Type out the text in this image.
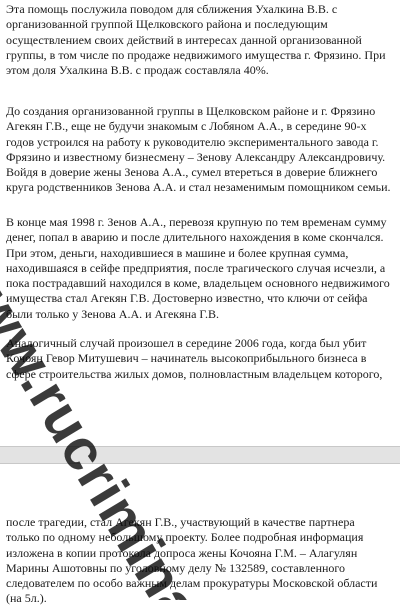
Эта помощь послужила поводом для сближения Ухалкина В.В. с
организованной группой Щелковского района и последующим
осуществлением своих действий в интересах данной организованной
группы, в том числе по продаже недвижимого имущества г. Фрязино. При
этом доля Ухалкина В.В. с продаж составляла 40%.

До создания организованной группы в Щелковском районе и г. Фрязино
Агекян Г.В., еще не будучи знакомым с Лобяном А.А., в середине 90-х
годов устроился на работу к руководителю экспериментального завода г.
Фрязино и известному бизнесмену – Зенову Александру Александровичу.
Войдя в доверие жены Зенова А.А., сумел втереться в доверие ближнего
круга родственников Зенова А.А. и стал незаменимым помощником семьи.

В конце мая 1998 г. Зенов А.А., перевозя крупную по тем временам сумму
денег, попал в аварию и после длительного нахождения в коме скончался.
При этом, деньги, находившиеся в машине и более крупная сумма,
находившаяся в сейфе предприятия, после трагического случая исчезли, а
пока пострадавший находился в коме, владельцем основного недвижимого
имущества стал Агекян Г.В. Достоверно известно, что ключи от сейфа
были только у Зенова А.А. и Агекяна Г.В.

Аналогичный случай произошел в середине 2006 года, когда был убит
Кочоян Гевор Митушевич – начинатель высокоприбыльного бизнеса в
сфере строительства жилых домов, полновластным владельцем которого,

после трагедии, стал Агекян Г.В., участвующий в качестве партнера
только по одному небольшому проекту. Более подробная информация
изложена в копии протокола допроса жены Кочояна Г.М. – Алагулян
Марины Ашотовны по уголовному делу № 132589, составленного
следователем по особо важным делам прокуратуры Московской области
(на 5л.).
